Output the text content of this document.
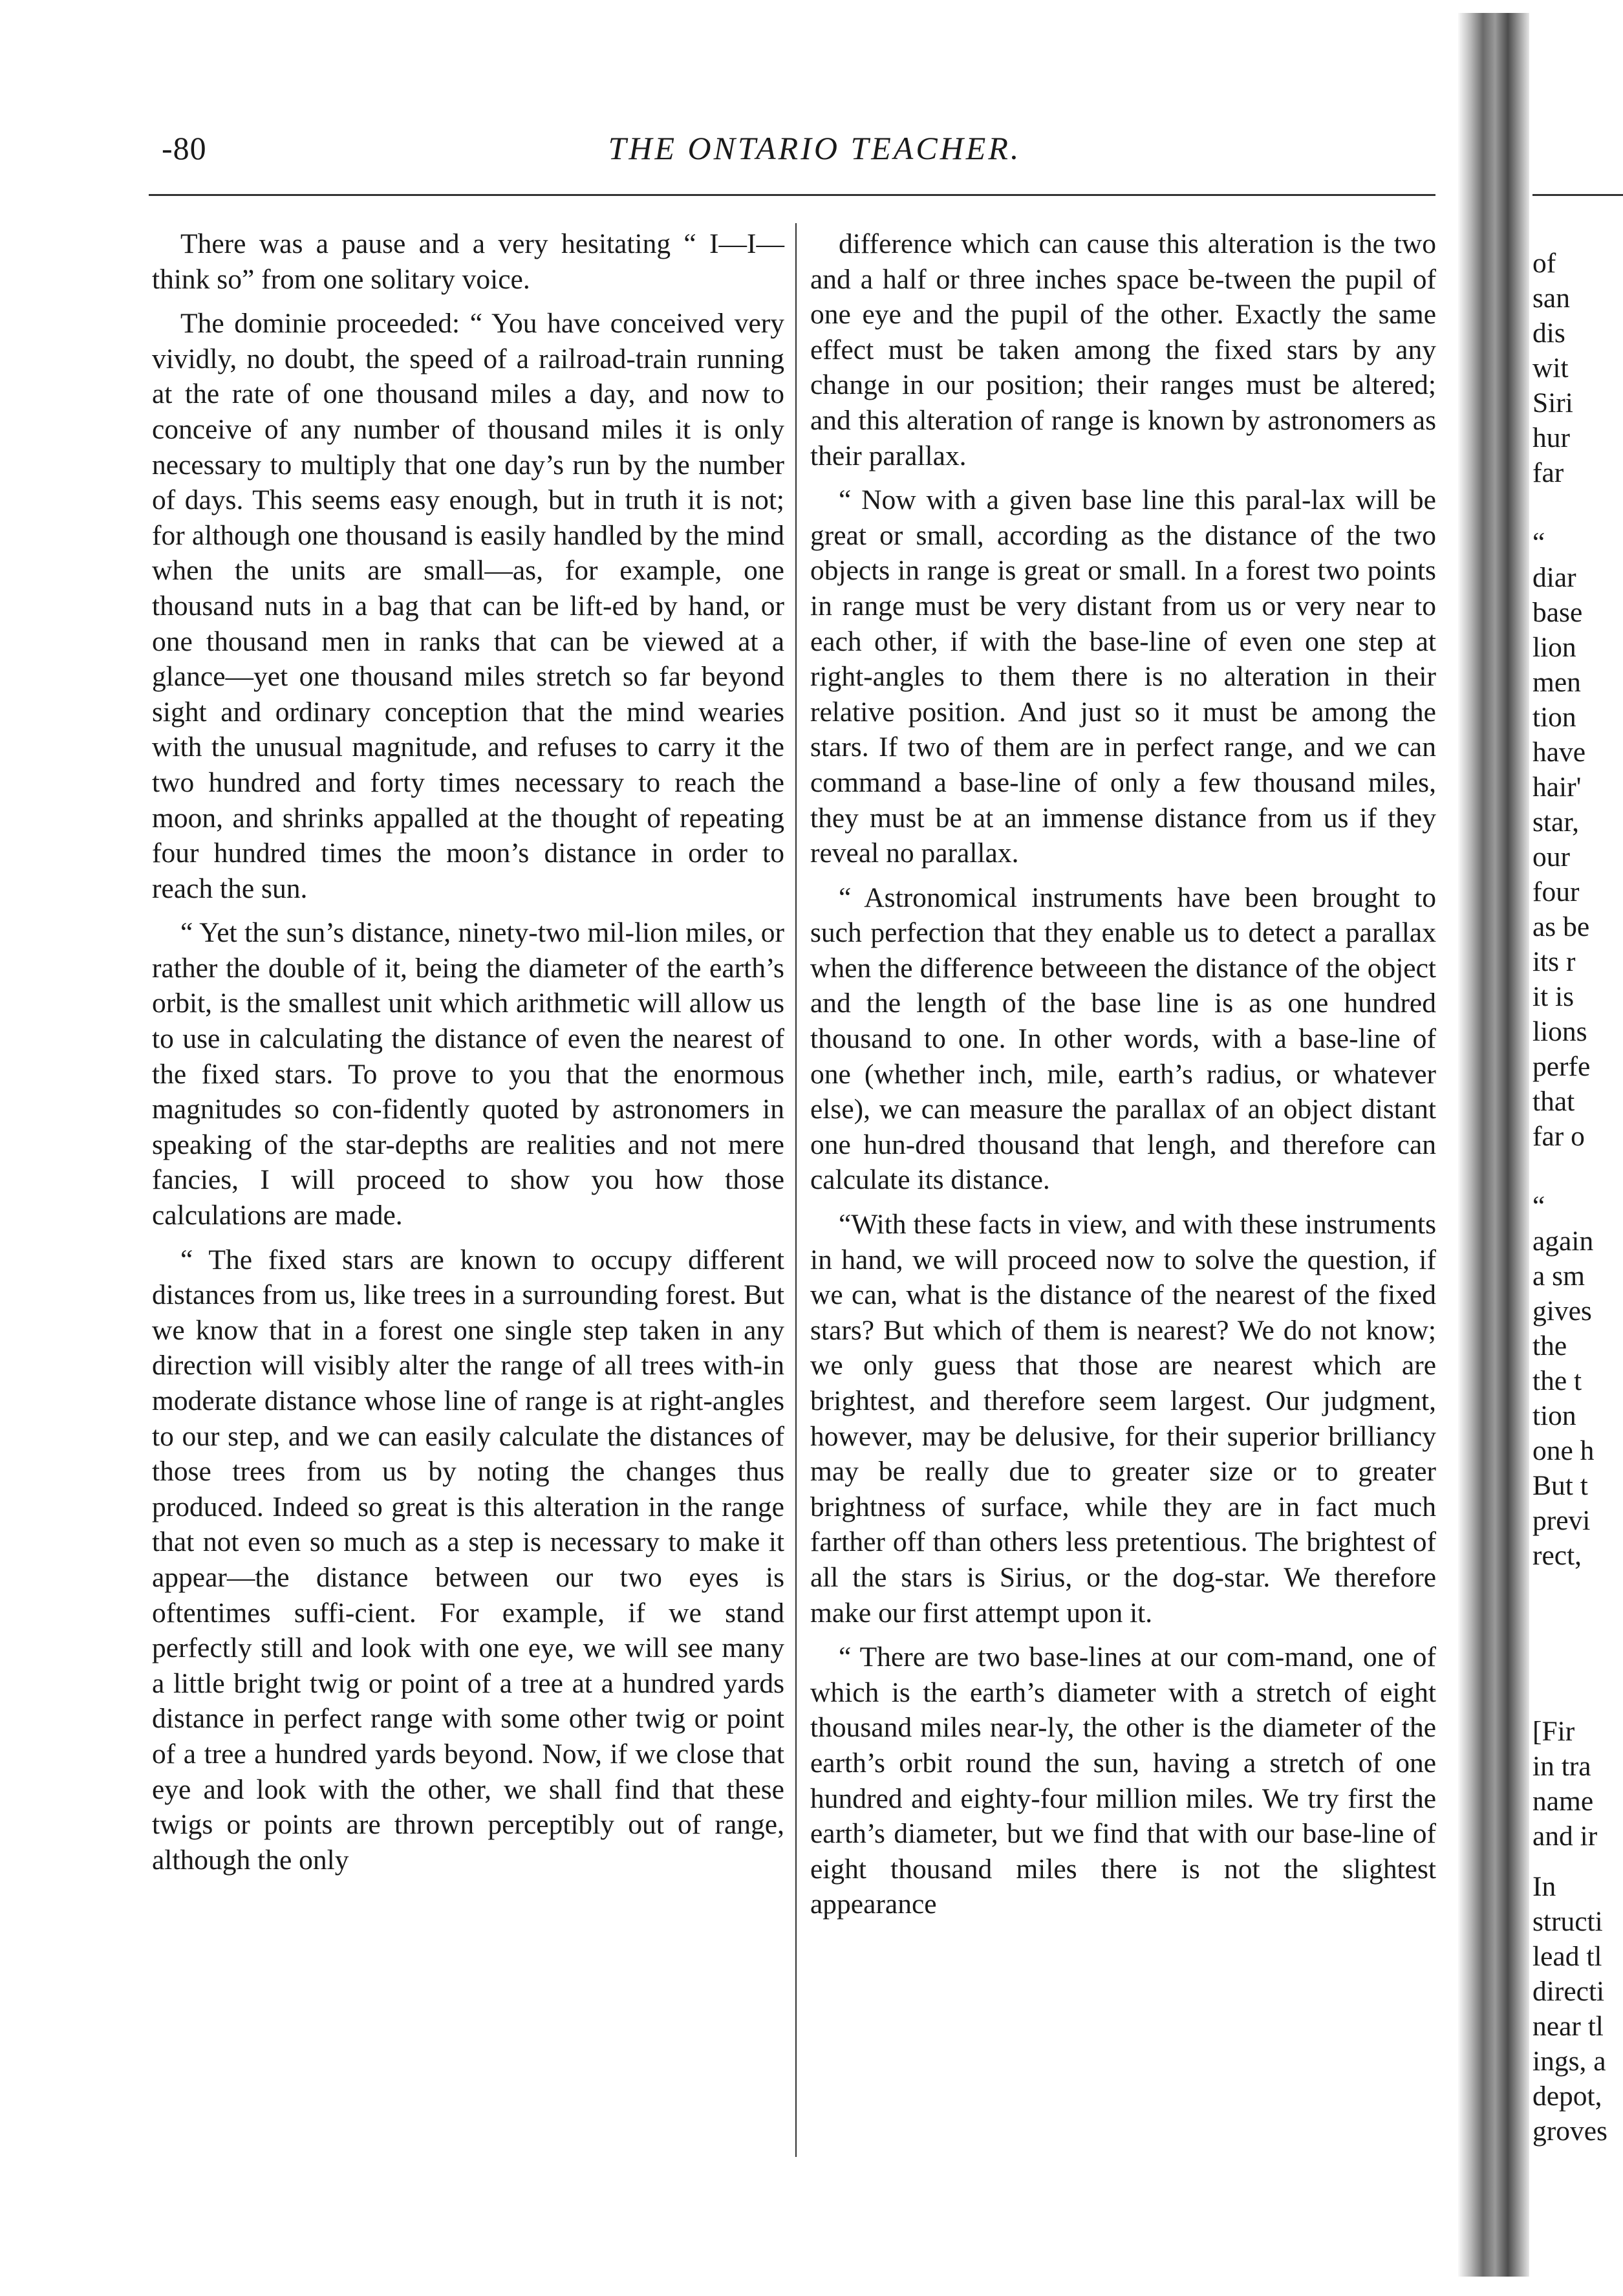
-80	THE ONTARIO TEACHER.

There was a pause and a very hesitating “ I—I—think so” from one solitary voice.

The dominie proceeded: “ You have conceived very vividly, no doubt, the speed of a railroad-train running at the rate of one thousand miles a day, and now to conceive of any number of thousand miles it is only necessary to multiply that one day’s run by the number of days. This seems easy enough, but in truth it is not; for although one thousand is easily handled by the mind when the units are small—as, for example, one thousand nuts in a bag that can be lift-ed by hand, or one thousand men in ranks that can be viewed at a glance—yet one thousand miles stretch so far beyond sight and ordinary conception that the mind wearies with the unusual magnitude, and refuses to carry it the two hundred and forty times necessary to reach the moon, and shrinks appalled at the thought of repeating four hundred times the moon’s distance in order to reach the sun.

“ Yet the sun’s distance, ninety-two mil-lion miles, or rather the double of it, being the diameter of the earth’s orbit, is the smallest unit which arithmetic will allow us to use in calculating the distance of even the nearest of the fixed stars. To prove to you that the enormous magnitudes so con-fidently quoted by astronomers in speaking of the star-depths are realities and not mere fancies, I will proceed to show you how those calculations are made.

“ The fixed stars are known to occupy different distances from us, like trees in a surrounding forest. But we know that in a forest one single step taken in any direction will visibly alter the range of all trees with-in moderate distance whose line of range is at right-angles to our step, and we can easily calculate the distances of those trees from us by noting the changes thus produced. Indeed so great is this alteration in the range that not even so much as a step is necessary to make it appear—the distance between our two eyes is oftentimes suffi-cient. For example, if we stand perfectly still and look with one eye, we will see many a little bright twig or point of a tree at a hundred yards distance in perfect range with some other twig or point of a tree a hundred yards beyond. Now, if we close that eye and look with the other, we shall find that these twigs or points are thrown perceptibly out of range, although the only

difference which can cause this alteration is the two and a half or three inches space be-tween the pupil of one eye and the pupil of the other. Exactly the same effect must be taken among the fixed stars by any change in our position; their ranges must be altered; and this alteration of range is known by astronomers as their parallax.

“ Now with a given base line this paral-lax will be great or small, according as the distance of the two objects in range is great or small. In a forest two points in range must be very distant from us or very near to each other, if with the base-line of even one step at right-angles to them there is no alteration in their relative position. And just so it must be among the stars. If two of them are in perfect range, and we can command a base-line of only a few thousand miles, they must be at an immense distance from us if they reveal no parallax.

“ Astronomical instruments have been brought to such perfection that they enable us to detect a parallax when the difference betweeen the distance of the object and the length of the base line is as one hundred thousand to one. In other words, with a base-line of one (whether inch, mile, earth’s radius, or whatever else), we can measure the parallax of an object distant one hun-dred thousand that lengh, and therefore can calculate its distance.

“With these facts in view, and with these instruments in hand, we will proceed now to solve the question, if we can, what is the distance of the nearest of the fixed stars? But which of them is nearest? We do not know; we only guess that those are nearest which are brightest, and therefore seem largest. Our judgment, however, may be delusive, for their superior brilliancy may be really due to greater size or to greater brightness of surface, while they are in fact much farther off than others less pretentious. The brightest of all the stars is Sirius, or the dog-star. We therefore make our first attempt upon it.

“ There are two base-lines at our com-mand, one of which is the earth’s diameter with a stretch of eight thousand miles near-ly, the other is the diameter of the earth’s orbit round the sun, having a stretch of one hundred and eighty-four million miles. We try first the earth’s diameter, but we find that with our base-line of eight thousand miles there is not the slightest appearance

of
san
dis
wit
Siri
hur
far
“
diar
base
lion
men
tion
have
hair'
star,
our
four
as be
its r
it is
lions
perfe
that
far o
“
again
a sm
gives
the
the t
tion
one h
But t
previ
rect,
[Fir
in tra
name
and ir
In
structi
lead tl
directi
near tl
ings, a
depot,
groves
